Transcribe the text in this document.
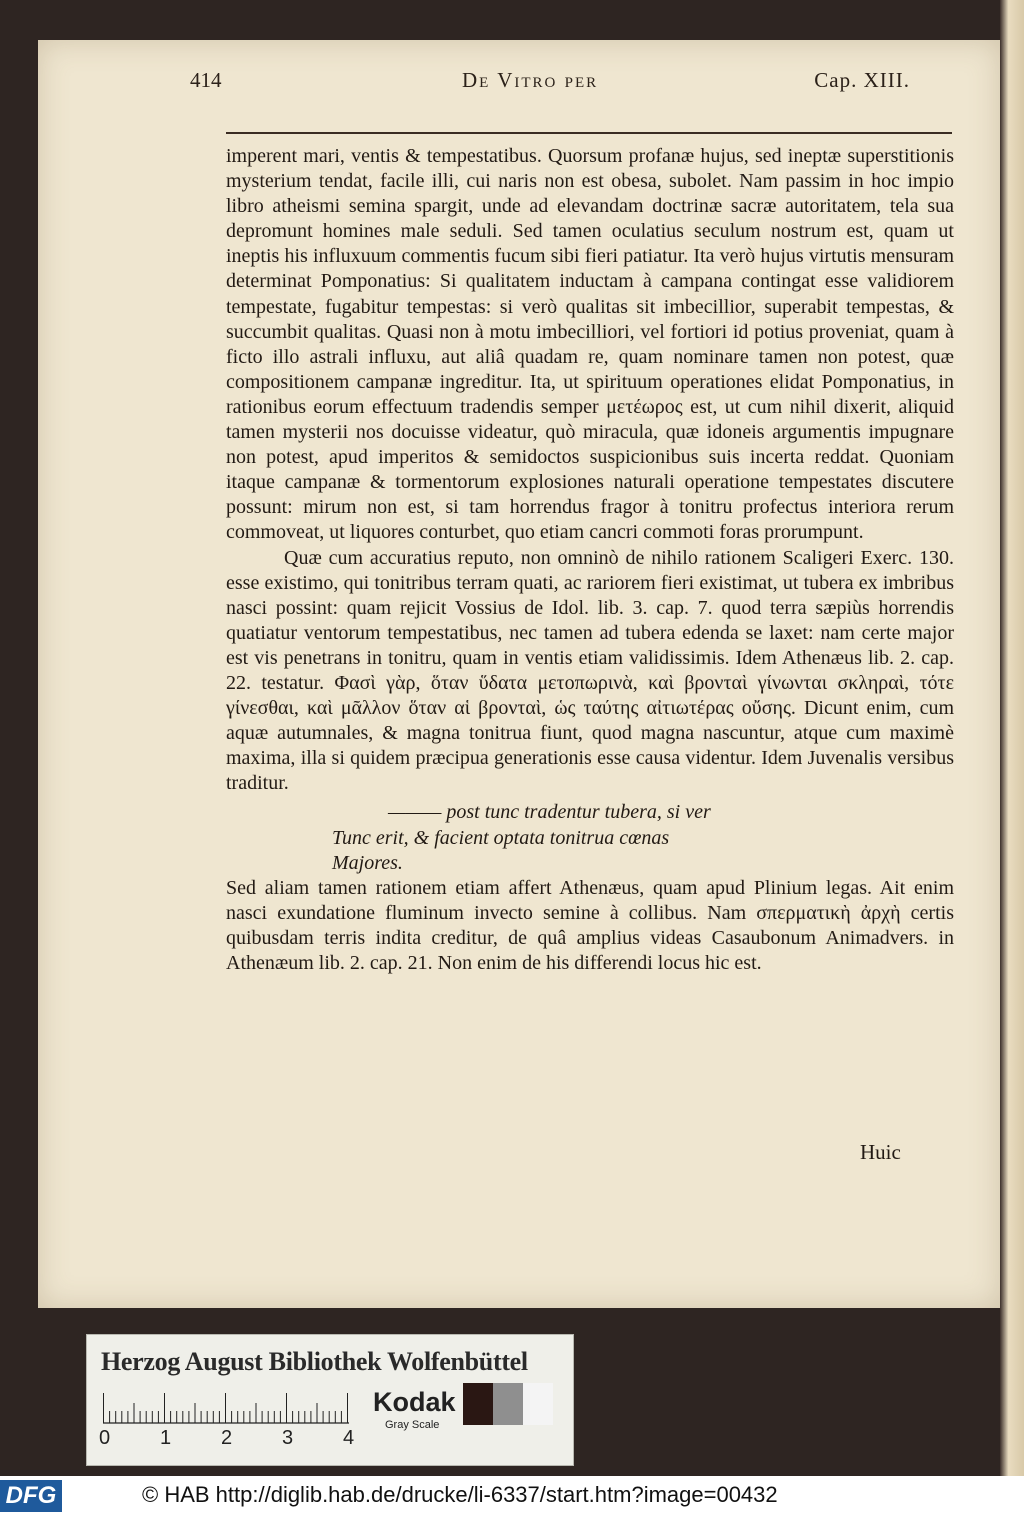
414	De Vitro per	Cap. XIII.

imperent mari, ventis & tempestatibus. Quorsum profanæ hujus, sed ineptæ superstitionis mysterium tendat, facile illi, cui naris non est obesa, subolet. Nam passim in hoc impio libro atheismi semina spargit, unde ad elevandam doctrinæ sacræ autoritatem, tela sua depromunt homines male seduli. Sed tamen oculatius seculum nostrum est, quam ut ineptis his influxuum commentis fucum sibi fieri patiatur. Ita verò hujus virtutis mensuram determinat Pomponatius: Si qualitatem inductam à campana contingat esse validiorem tempestate, fugabitur tempestas: si verò qualitas sit imbecillior, superabit tempestas, & succumbit qualitas. Quasi non à motu imbecilliori, vel fortiori id potius proveniat, quam à ficto illo astrali influxu, aut aliâ quadam re, quam nominare tamen non potest, quæ compositionem campanæ ingreditur. Ita, ut spirituum operationes elidat Pomponatius, in rationibus eorum effectuum tradendis semper μετέωρος est, ut cum nihil dixerit, aliquid tamen mysterii nos docuisse videatur, quò miracula, quæ idoneis argumentis impugnare non potest, apud imperitos & semidoctos suspicionibus suis incerta reddat. Quoniam itaque campanæ & tormentorum explosiones naturali operatione tempestates discutere possunt: mirum non est, si tam horrendus fragor à tonitru profectus interiora rerum commoveat, ut liquores conturbet, quo etiam cancri commoti foras prorumpunt.

Quæ cum accuratius reputo, non omninò de nihilo rationem Scaligeri Exerc. 130. esse existimo, qui tonitribus terram quati, ac rariorem fieri existimat, ut tubera ex imbribus nasci possint: quam rejicit Vossius de Idol. lib. 3. cap. 7. quod terra sæpiùs horrendis quatiatur ventorum tempestatibus, nec tamen ad tubera edenda se laxet: nam certe major est vis penetrans in tonitru, quam in ventis etiam validissimis. Idem Athenæus lib. 2. cap. 22. testatur. Φασὶ γὰρ, ὅταν ὕδατα μετοπωρινὰ, καὶ βρονταὶ γίνωνται σκληραὶ, τότε γίνεσθαι, καὶ μᾶλλον ὅταν αἱ βρονταὶ, ὡς ταύτης αἰτιωτέρας οὔσης. Dicunt enim, cum aquæ autumnales, & magna tonitrua fiunt, quod magna nascuntur, atque cum maximè maxima, illa si quidem præcipua generationis esse causa videntur. Idem Juvenalis versibus traditur.

——— post tunc tradentur tubera, si ver
Tunc erit, & facient optata tonitrua cœnas
Majores.

Sed aliam tamen rationem etiam affert Athenæus, quam apud Plinium legas. Ait enim nasci exundatione fluminum invecto semine à collibus. Nam σπερματικὴ ἀρχὴ certis quibusdam terris indita creditur, de quâ amplius videas Casaubonum Animadvers. in Athenæum lib. 2. cap. 21. Non enim de his differendi locus hic est.

Huic
Herzog August Bibliothek Wolfenbüttel
0 1 2 3 4
Kodak
Gray Scale
DFG	© HAB http://diglib.hab.de/drucke/li-6337/start.htm?image=00432
